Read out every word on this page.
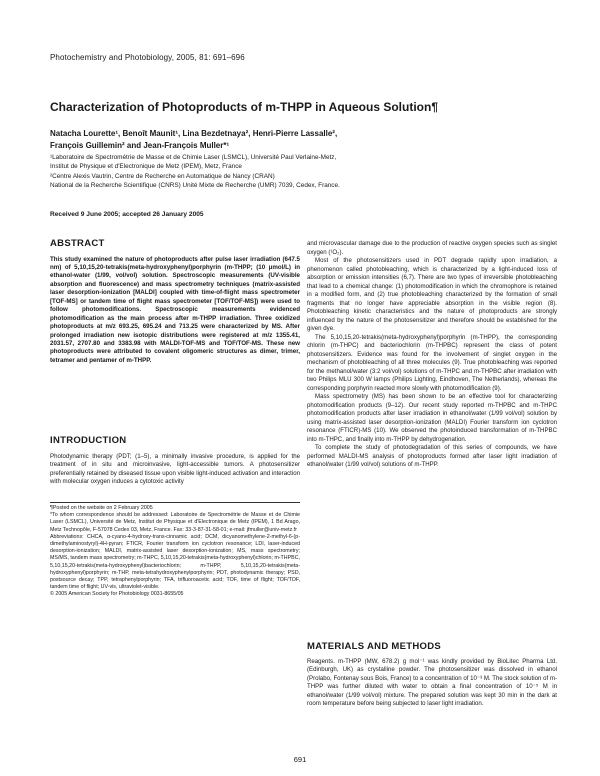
Photochemistry and Photobiology, 2005, 81: 691–696
Characterization of Photoproducts of m-THPP in Aqueous Solution¶
Natacha Lourette¹, Benoît Maunit¹, Lina Bezdetnaya², Henri-Pierre Lassalle²,
François Guillemin² and Jean-François Muller*¹
¹Laboratoire de Spectrométrie de Masse et de Chimie Laser (LSMCL), Université Paul Verlaine-Metz,
Institut de Physique et d'Electronique de Metz (IPEM), Metz, France
²Centre Alexis Vautrin, Centre de Recherche en Automatique de Nancy (CRAN)
National de la Recherche Scientifique (CNRS) Unité Mixte de Recherche (UMR) 7039, Cedex, France.
Received 9 June 2005; accepted 26 January 2005
ABSTRACT
This study examined the nature of photoproducts after pulse laser irradiation (647.5 nm) of 5,10,15,20-tetrakis(meta-hydroxyphenyl)porphyrin (m-THPP; (10 μmol/L) in ethanol-water (1/99, vol/vol) solution. Spectroscopic measurements (UV-visible absorption and fluorescence) and mass spectrometry techniques (matrix-assisted laser desorption-ionization [MALDI] coupled with time-of-flight mass spectrometer [TOF-MS] or tandem time of flight mass spectrometer [TOF/TOF-MS]) were used to follow photomodifications. Spectroscopic measurements evidenced photomodification as the main process after m-THPP irradiation. Three oxidized photoproducts at m/z 693.25, 695.24 and 713.25 were characterized by MS. After prolonged irradiation new isotopic distributions were registered at m/z 1355.41, 2031.57, 2707.80 and 3383.98 with MALDI-TOF-MS and TOF/TOF-MS. These new photoproducts were attributed to covalent oligomeric structures as dimer, trimer, tetramer and pentamer of m-THPP.
INTRODUCTION
Photodynamic therapy (PDT; (1–5), a minimally invasive procedure, is applied for the treatment of in situ and microinvasive, light-accessible tumors. A photosensitizer preferentially retained by diseased tissue upon visible light-induced activation and interaction with molecular oxygen induces a cytotoxic activity
¶Posted on the website on 2 February 2005
*To whom correspondence should be addressed: Laboratoire de Spectrométrie de Masse et de Chimie Laser (LSMCL), Université de Metz, Institut de Physique et d'Electronique de Metz (IPEM), 1 Bd Arago, Metz Technopôle, F-57078 Cedex 03, Metz, France. Fax: 33-3-87-31-58-01; e-mail: jfmuller@univ-metz.fr
Abbreviations: CHCA, α-cyano-4-hydroxy-trans-cinnamic acid; DCM, dicyanomethylene-2-methyl-6-(p-dimethylaminostyryl)-4H-pyran; FTICR, Fourier transform ion cyclotron resonance; LDI, laser-induced desorption-ionization; MALDI, matrix-assisted laser desorption-ionization; MS, mass spectrometry; MS/MS, tandem mass spectrometry; m-THPC, 5,10,15,20-tetrakis(meta-hydroxyphenyl)chlorin; m-THPBC, 5,10,15,20-tetrakis(meta-hydroxyphenyl)bacteriochlorin; m-THPP, 5,10,15,20-tetrakis(meta-hydroxyphenyl)porphyrin; m-THP, meta-tetrahydroxyphenylporphyrin; PDT, photodynamic therapy; PSD, postsource decay; TPP, tetraphenylporphyrin; TFA, trifluoroacetic acid; TOF, time of flight; TOF/TOF, tandem time of flight; UV-vis, ultraviolet-visible.
© 2005 American Society for Photobiology 0031-8655/05
and microvascular damage due to the production of reactive oxygen species such as singlet oxygen (¹O₂).
Most of the photosensitizers used in PDT degrade rapidly upon irradiation, a phenomenon called photobleaching, which is characterized by a light-induced loss of absorption or emission intensities (6,7). There are two types of irreversible photobleaching that lead to a chemical change: (1) photomodification in which the chromophore is retained in a modified form, and (2) true photobleaching characterized by the formation of small fragments that no longer have appreciable absorption in the visible region (8). Photobleaching kinetic characteristics and the nature of photoproducts are strongly influenced by the nature of the photosensitizer and therefore should be established for the given dye.
The 5,10,15,20-tetrakis(meta-hydroxyphenyl)porphyrin (m-THPP), the corresponding chlorin (m-THPC) and bacteriochlorin (m-THPBC) represent the class of potent photosensitizers. Evidence was found for the involvement of singlet oxygen in the mechanism of photobleaching of all three molecules (9). True photobleaching was reported for the methanol/water (3:2 vol/vol) solutions of m-THPC and m-THPBC after irradiation with two Philips MLU 300 W lamps (Philips Lighting, Eindhoven, The Netherlands), whereas the corresponding porphyrin reacted more slowly with photomodification (9).
Mass spectrometry (MS) has been shown to be an effective tool for characterizing photomodification products (9–12). Our recent study reported m-THPBC and m-THPC photomodification products after laser irradiation in ethanol/water (1/99 vol/vol) solution by using matrix-assisted laser desorption-ionization (MALDI) Fourier transform ion cyclotron resonance (FTICR)-MS (10). We observed the photoinduced transformation of m-THPBC into m-THPC, and finally into m-THPP by dehydrogenation.
To complete the study of photodegradation of this series of compounds, we have performed MALDI-MS analysis of photoproducts formed after laser light irradiation of ethanol/water (1/99 vol/vol) solutions of m-THPP.
MATERIALS AND METHODS
Reagents. m-THPP (MW, 678.2) g mol⁻¹ was kindly provided by BioLitec Pharma Ltd. (Edinburgh, UK) as crystalline powder. The photosensitizer was dissolved in ethanol (Prolabo, Fontenay sous Bois, France) to a concentration of 10⁻³ M. The stock solution of m-THPP was further diluted with water to obtain a final concentration of 10⁻⁵ M in ethanol/water (1/99 vol/vol) mixture. The prepared solution was kept 30 min in the dark at room temperature before being subjected to laser light irradiation.
691
